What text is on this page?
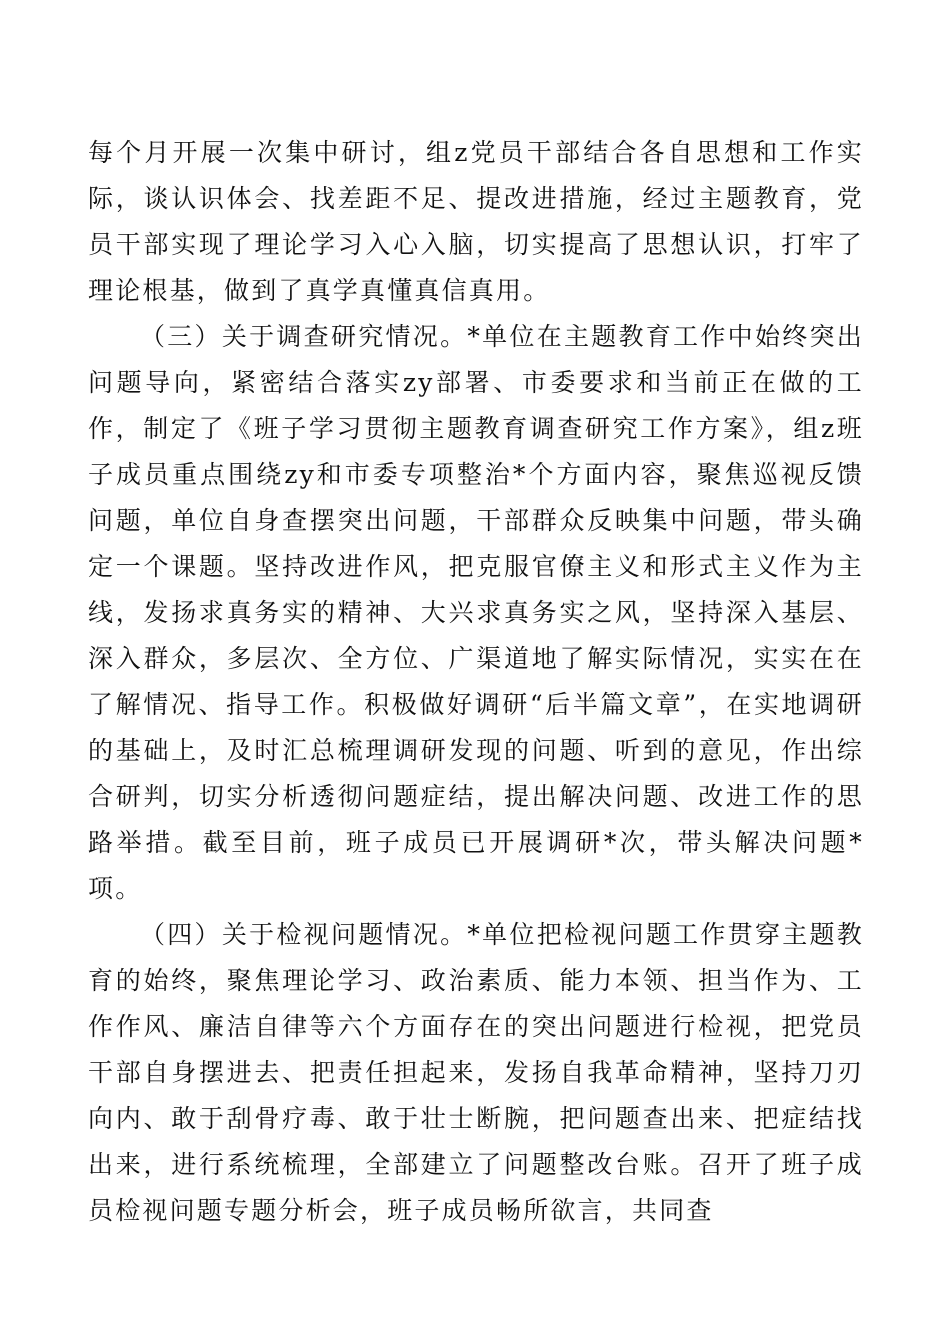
每个月开展一次集中研讨，组z党员干部结合各自思想和工作实际，谈认识体会、找差距不足、提改进措施，经过主题教育，党员干部实现了理论学习入心入脑，切实提高了思想认识，打牢了理论根基，做到了真学真懂真信真用。

（三）关于调查研究情况。*单位在主题教育工作中始终突出问题导向，紧密结合落实zy部署、市委要求和当前正在做的工作，制定了《班子学习贯彻主题教育调查研究工作方案》，组z班子成员重点围绕zy和市委专项整治*个方面内容，聚焦巡视反馈问题，单位自身查摆突出问题，干部群众反映集中问题，带头确定一个课题。坚持改进作风，把克服官僚主义和形式主义作为主线，发扬求真务实的精神、大兴求真务实之风，坚持深入基层、深入群众，多层次、全方位、广渠道地了解实际情况，实实在在了解情况、指导工作。积极做好调研“后半篇文章”，在实地调研的基础上，及时汇总梳理调研发现的问题、听到的意见，作出综合研判，切实分析透彻问题症结，提出解决问题、改进工作的思路举措。截至目前，班子成员已开展调研*次，带头解决问题*项。

（四）关于检视问题情况。*单位把检视问题工作贯穿主题教育的始终，聚焦理论学习、政治素质、能力本领、担当作为、工作作风、廉洁自律等六个方面存在的突出问题进行检视，把党员干部自身摆进去、把责任担起来，发扬自我革命精神，坚持刀刃向内、敢于刮骨疗毒、敢于壮士断腕，把问题查出来、把症结找出来，进行系统梳理，全部建立了问题整改台账。召开了班子成员检视问题专题分析会，班子成员畅所欲言，共同查
